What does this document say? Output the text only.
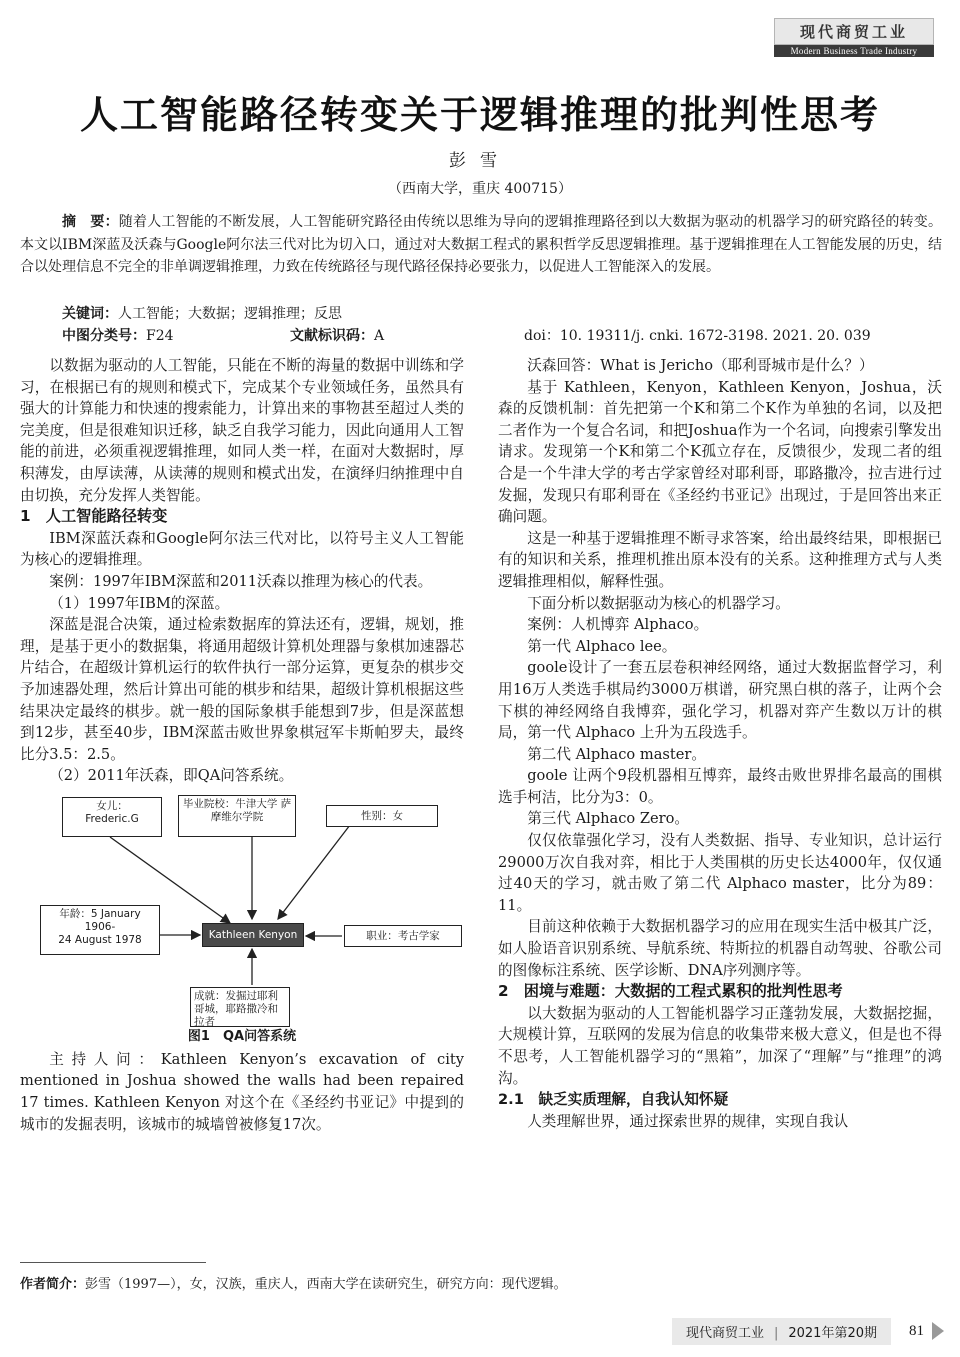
现代商贸工业
Modern Business Trade Industry
人工智能路径转变关于逻辑推理的批判性思考
彭雪
（西南大学，重庆 400715）
摘　要：随着人工智能的不断发展，人工智能研究路径由传统以思维为导向的逻辑推理路径到以大数据为驱动的机器学习的研究路径的转变。本文以IBM深蓝及沃森与Google阿尔法三代对比为切入口，通过对大数据工程式的累积哲学反思逻辑推理。基于逻辑推理在人工智能发展的历史，结合以处理信息不完全的非单调逻辑推理，力致在传统路径与现代路径保持必要张力，以促进人工智能深入的发展。
关键词：人工智能；大数据；逻辑推理；反思
中图分类号：F24	文献标识码：A	doi：10. 19311/j. cnki. 1672-3198. 2021. 20. 039

以数据为驱动的人工智能，只能在不断的海量的数据中训练和学习，在根据已有的规则和模式下，完成某个专业领域任务，虽然具有强大的计算能力和快速的搜索能力，计算出来的事物甚至超过人类的完美度，但是很难知识迁移，缺乏自我学习能力，因此向通用人工智能的前进，必须重视逻辑推理，如同人类一样，在面对大数据时，厚积薄发，由厚读薄，从读薄的规则和模式出发，在演绎归纳推理中自由切换，充分发挥人类智能。

1　人工智能路径转变

IBM深蓝沃森和Google阿尔法三代对比，以符号主义人工智能为核心的逻辑推理。

案例：1997年IBM深蓝和2011沃森以推理为核心的代表。

（1）1997年IBM的深蓝。

深蓝是混合决策，通过检索数据库的算法还有，逻辑，规划，推理，是基于更小的数据集，将通用超级计算机处理器与象棋加速器芯片结合，在超级计算机运行的软件执行一部分运算，更复杂的棋步交予加速器处理，然后计算出可能的棋步和结果，超级计算机根据这些结果决定最终的棋步。就一般的国际象棋手能想到7步，但是深蓝想到12步，甚至40步，IBM深蓝击败世界象棋冠军卡斯帕罗夫，最终比分3.5：2.5。

（2）2011年沃森，即QA问答系统。

女儿：
Frederic.G
毕业院校：牛津大学 萨摩维尔学院	性别：女
年龄：5 January 1906-
24 August 1978	Kathleen Kenyon	职业：考古学家
成就：发掘过耶利哥城，耶路撒冷和拉者
图1　QA问答系统

主持人问：Kathleen Kenyon’s excavation of city mentioned in Joshua showed the walls had been repaired 17 times. Kathleen Kenyon 对这个在《圣经约书亚记》中提到的城市的发掘表明，该城市的城墙曾被修复17次。

沃森回答：What is Jericho（耶利哥城市是什么？）

基于 Kathleen，Kenyon，Kathleen Kenyon，Joshua，沃森的反馈机制：首先把第一个K和第二个K作为单独的名词，以及把二者作为一个复合名词，和把Joshua作为一个名词，向搜索引擎发出请求。发现第一个K和第二个K孤立存在，反馈很少，发现二者的组合是一个牛津大学的考古学家曾经对耶利哥，耶路撒冷，拉吉进行过发掘，发现只有耶利哥在《圣经约书亚记》出现过，于是回答出来正确问题。

这是一种基于逻辑推理不断寻求答案，给出最终结果，即根据已有的知识和关系，推理机推出原本没有的关系。这种推理方式与人类逻辑推理相似，解释性强。

下面分析以数据驱动为核心的机器学习。

案例：人机博弈 Alphaco。

第一代 Alphaco lee。

goole设计了一套五层卷积神经网络，通过大数据监督学习，利用16万人类选手棋局约3000万棋谱，研究黑白棋的落子，让两个会下棋的神经网络自我博弈，强化学习，机器对弈产生数以万计的棋局，第一代 Alphaco 上升为五段选手。

第二代 Alphaco master。

goole 让两个9段机器相互博弈，最终击败世界排名最高的围棋选手柯洁，比分为3：0。

第三代 Alphaco Zero。

仅仅依靠强化学习，没有人类数据、指导、专业知识，总计运行29000万次自我对弈，相比于人类围棋的历史长达4000年，仅仅通过40天的学习，就击败了第二代 Alphaco master，比分为89：11。

目前这种依赖于大数据机器学习的应用在现实生活中极其广泛，如人脸语音识别系统、导航系统、特斯拉的机器自动驾驶、谷歌公司的图像标注系统、医学诊断、DNA序列测序等。

2　困境与难题：大数据的工程式累积的批判性思考

以大数据为驱动的人工智能机器学习正蓬勃发展，大数据挖掘，大规模计算，互联网的发展为信息的收集带来极大意义，但是也不得不思考，人工智能机器学习的“黑箱”，加深了“理解”与“推理”的鸿沟。

2.1　缺乏实质理解，自我认知怀疑

人类理解世界，通过探索世界的规律，实现自我认

作者简介：彭雪（1997—），女，汉族，重庆人，西南大学在读研究生，研究方向：现代逻辑。
现代商贸工业 | 2021年第20期	81
